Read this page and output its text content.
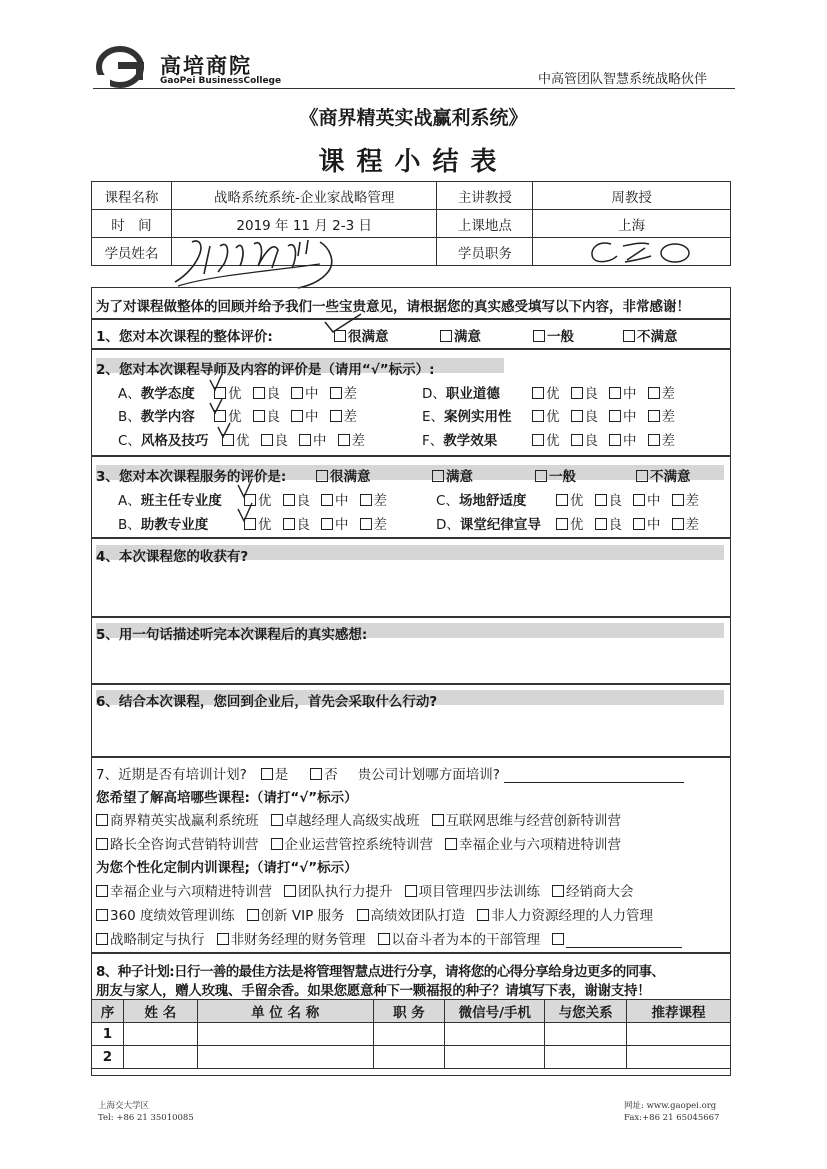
高培商院
GaoPei BusinessCollege	中高管团队智慧系统战略伙伴
《商界精英实战赢利系统》
课程小结表
课程名称	战略系统系统-企业家战略管理	主讲教授	周教授
时　间	2019 年 11 月 2-3 日	上课地点	上海
学员姓名		学员职务	
为了对课程做整体的回顾并给予我们一些宝贵意见，请根据您的真实感受填写以下内容，非常感谢！
1、您对本次课程的整体评价:	很满意	满意	一般	不满意
2、您对本次课程导师及内容的评价是（请用“√”标示）:
A、教学态度	优 良 中 差	D、职业道德	优 良 中 差
B、教学内容	优 良 中 差	E、案例实用性	优 良 中 差
C、风格及技巧	优 良 中 差	F、教学效果	优 良 中 差
3、您对本次课程服务的评价是:	很满意	满意	一般	不满意
A、班主任专业度	优 良 中 差	C、场地舒适度	优 良 中 差
B、助教专业度	优 良 中 差	D、课堂纪律宣导	优 良 中 差
4、本次课程您的收获有?
5、用一句话描述听完本次课程后的真实感想:
6、结合本次课程，您回到企业后，首先会采取什么行动?
7、近期是否有培训计划? 是	否 贵公司计划哪方面培训?
您希望了解高培哪些课程:（请打“√”标示）
商界精英实战赢利系统班 卓越经理人高级实战班 互联网思维与经营创新特训营
路长全咨询式营销特训营 企业运营管控系统特训营 幸福企业与六项精进特训营
为您个性化定制内训课程;（请打“√”标示）
幸福企业与六项精进特训营 团队执行力提升 项目管理四步法训练 经销商大会
360 度绩效管理训练 创新 VIP 服务 高绩效团队打造 非人力资源经理的人力管理
战略制定与执行 非财务经理的财务管理 以奋斗者为本的干部管理
8、种子计划:日行一善的最佳方法是将管理智慧点进行分享，请将您的心得分享给身边更多的同事、
朋友与家人，赠人玫瑰、手留余香。如果您愿意种下一颗福报的种子？请填写下表，谢谢支持！
序	姓 名	单 位 名 称	职 务	微信号/手机	与您关系	推荐课程
1						
2						
上海交大学区
Tel: +86 21 35010085
网址: www.gaopei.org
Fax:+86 21 65045667
